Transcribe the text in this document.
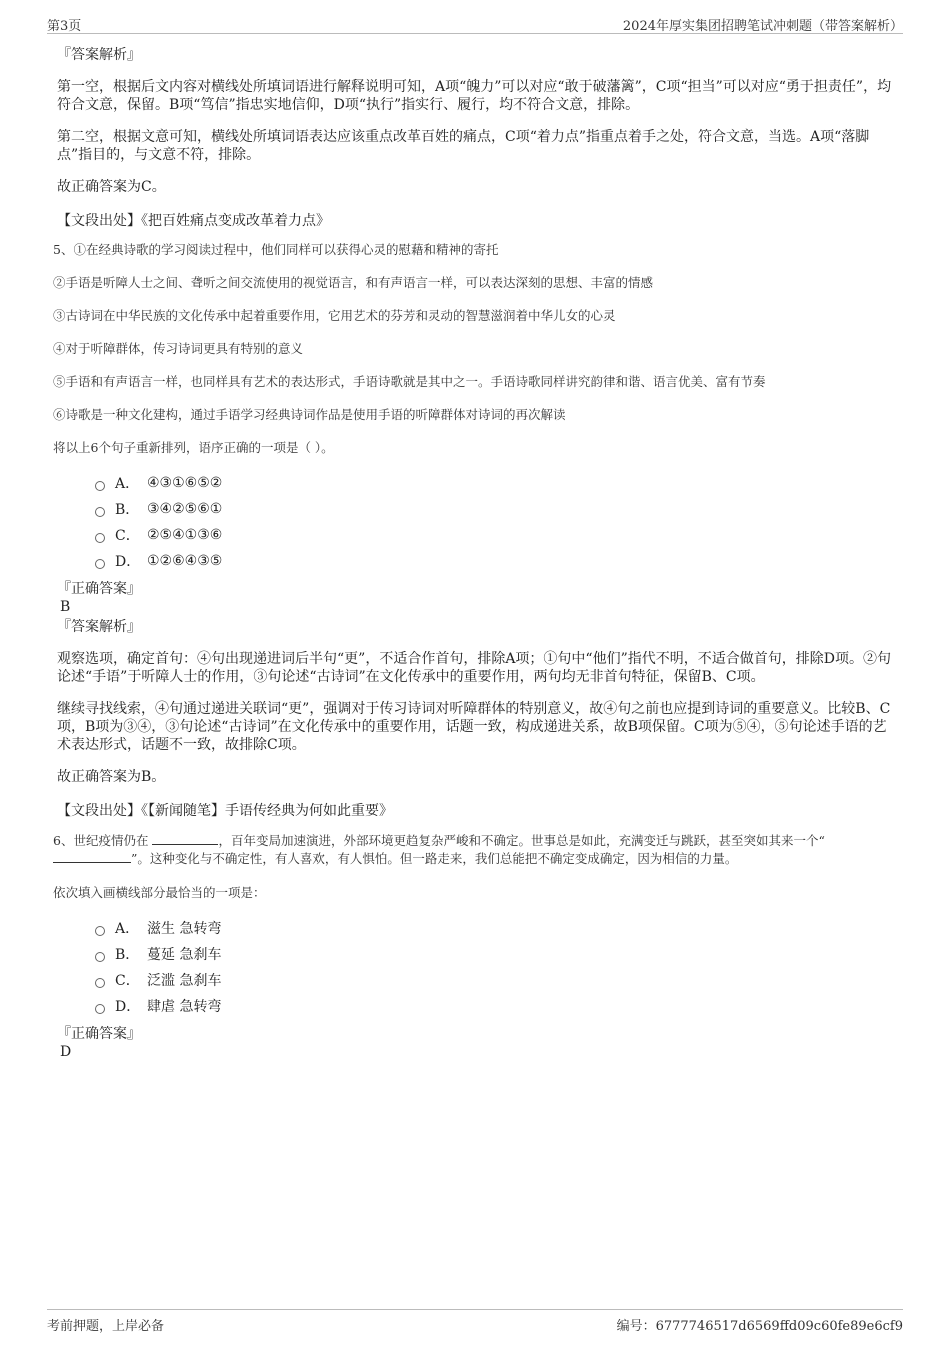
第3页	2024年厚实集团招聘笔试冲刺题（带答案解析）
『答案解析』
第一空，根据后文内容对横线处所填词语进行解释说明可知，A项“魄力”可以对应“敢于破藩篱”，C项“担当”可以对应“勇于担责任”，均符合文意，保留。B项“笃信”指忠实地信仰，D项“执行”指实行、履行，均不符合文意，排除。
第二空，根据文意可知，横线处所填词语表达应该重点改革百姓的痛点，C项“着力点”指重点着手之处，符合文意，当选。A项“落脚点”指目的，与文意不符，排除。
故正确答案为C。
【文段出处】《把百姓痛点变成改革着力点》
5、①在经典诗歌的学习阅读过程中，他们同样可以获得心灵的慰藉和精神的寄托
②手语是听障人士之间、聋听之间交流使用的视觉语言，和有声语言一样，可以表达深刻的思想、丰富的情感
③古诗词在中华民族的文化传承中起着重要作用，它用艺术的芬芳和灵动的智慧滋润着中华儿女的心灵
④对于听障群体，传习诗词更具有特别的意义
⑤手语和有声语言一样，也同样具有艺术的表达形式，手语诗歌就是其中之一。手语诗歌同样讲究韵律和谐、语言优美、富有节奏
⑥诗歌是一种文化建构，通过手语学习经典诗词作品是使用手语的听障群体对诗词的再次解读
将以上6个句子重新排列，语序正确的一项是（ ）。
A． ④③①⑥⑤②
B． ③④②⑤⑥①
C． ②⑤④①③⑥
D． ①②⑥④③⑤
『正确答案』
B
『答案解析』
观察选项，确定首句：④句出现递进词后半句“更”，不适合作首句，排除A项；①句中“他们”指代不明，不适合做首句，排除D项。②句论述“手语”于听障人士的作用，③句论述“古诗词”在文化传承中的重要作用，两句均无非首句特征，保留B、C项。
继续寻找线索，④句通过递进关联词“更”，强调对于传习诗词对听障群体的特别意义，故④句之前也应提到诗词的重要意义。比较B、C项，B项为③④，③句论述“古诗词”在文化传承中的重要作用，话题一致，构成递进关系，故B项保留。C项为⑤④，⑤句论述手语的艺术表达形式，话题不一致，故排除C项。
故正确答案为B。
【文段出处】《【新闻随笔】手语传经典为何如此重要》
6、世纪疫情仍在	，百年变局加速演进，外部环境更趋复杂严峻和不确定。世事总是如此，充满变迁与跳跃，甚至突如其来一个“
”。这种变化与不确定性，有人喜欢，有人惧怕。但一路走来，我们总能把不确定变成确定，因为相信的力量。
依次填入画横线部分最恰当的一项是：
A． 滋生 急转弯
B． 蔓延 急刹车
C． 泛滥 急刹车
D． 肆虐 急转弯
『正确答案』
D
考前押题，上岸必备	编号：6777746517d6569ffd09c60fe89e6cf9
